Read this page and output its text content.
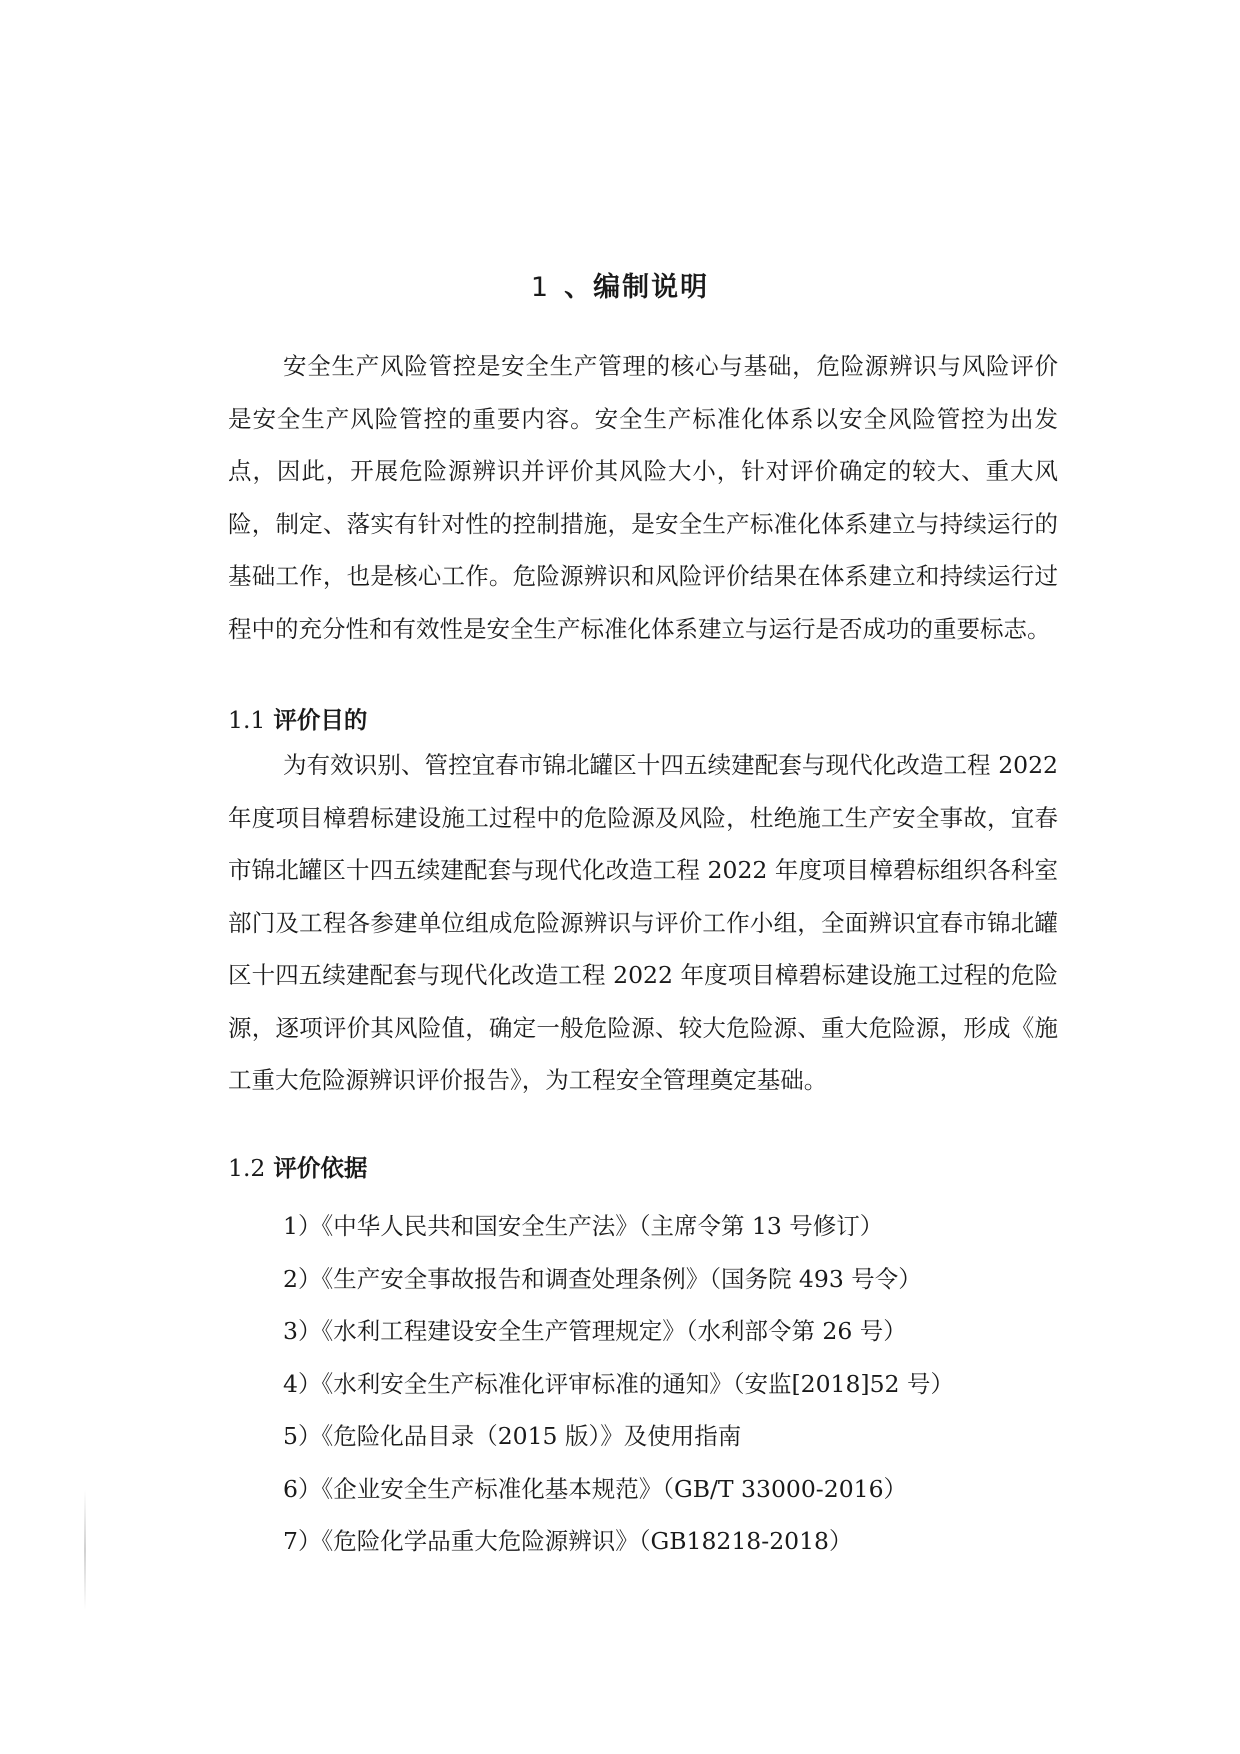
1 、编制说明

安全生产风险管控是安全生产管理的核心与基础，危险源辨识与风险评价是安全生产风险管控的重要内容。安全生产标准化体系以安全风险管控为出发点，因此，开展危险源辨识并评价其风险大小，针对评价确定的较大、重大风险，制定、落实有针对性的控制措施，是安全生产标准化体系建立与持续运行的基础工作，也是核心工作。危险源辨识和风险评价结果在体系建立和持续运行过程中的充分性和有效性是安全生产标准化体系建立与运行是否成功的重要标志。

1.1 评价目的

为有效识别、管控宜春市锦北罐区十四五续建配套与现代化改造工程 2022 年度项目樟碧标建设施工过程中的危险源及风险，杜绝施工生产安全事故，宜春市锦北罐区十四五续建配套与现代化改造工程 2022 年度项目樟碧标组织各科室部门及工程各参建单位组成危险源辨识与评价工作小组，全面辨识宜春市锦北罐区十四五续建配套与现代化改造工程 2022 年度项目樟碧标建设施工过程的危险源，逐项评价其风险值，确定一般危险源、较大危险源、重大危险源，形成《施工重大危险源辨识评价报告》，为工程安全管理奠定基础。

1.2 评价依据
1）《中华人民共和国安全生产法》（主席令第 13 号修订）
2）《生产安全事故报告和调查处理条例》（国务院 493 号令）
3）《水利工程建设安全生产管理规定》（水利部令第 26 号）
4）《水利安全生产标准化评审标准的通知》（安监[2018]52 号）
5）《危险化品目录（2015 版）》及使用指南
6）《企业安全生产标准化基本规范》（GB/T 33000-2016）
7）《危险化学品重大危险源辨识》（GB18218-2018）
